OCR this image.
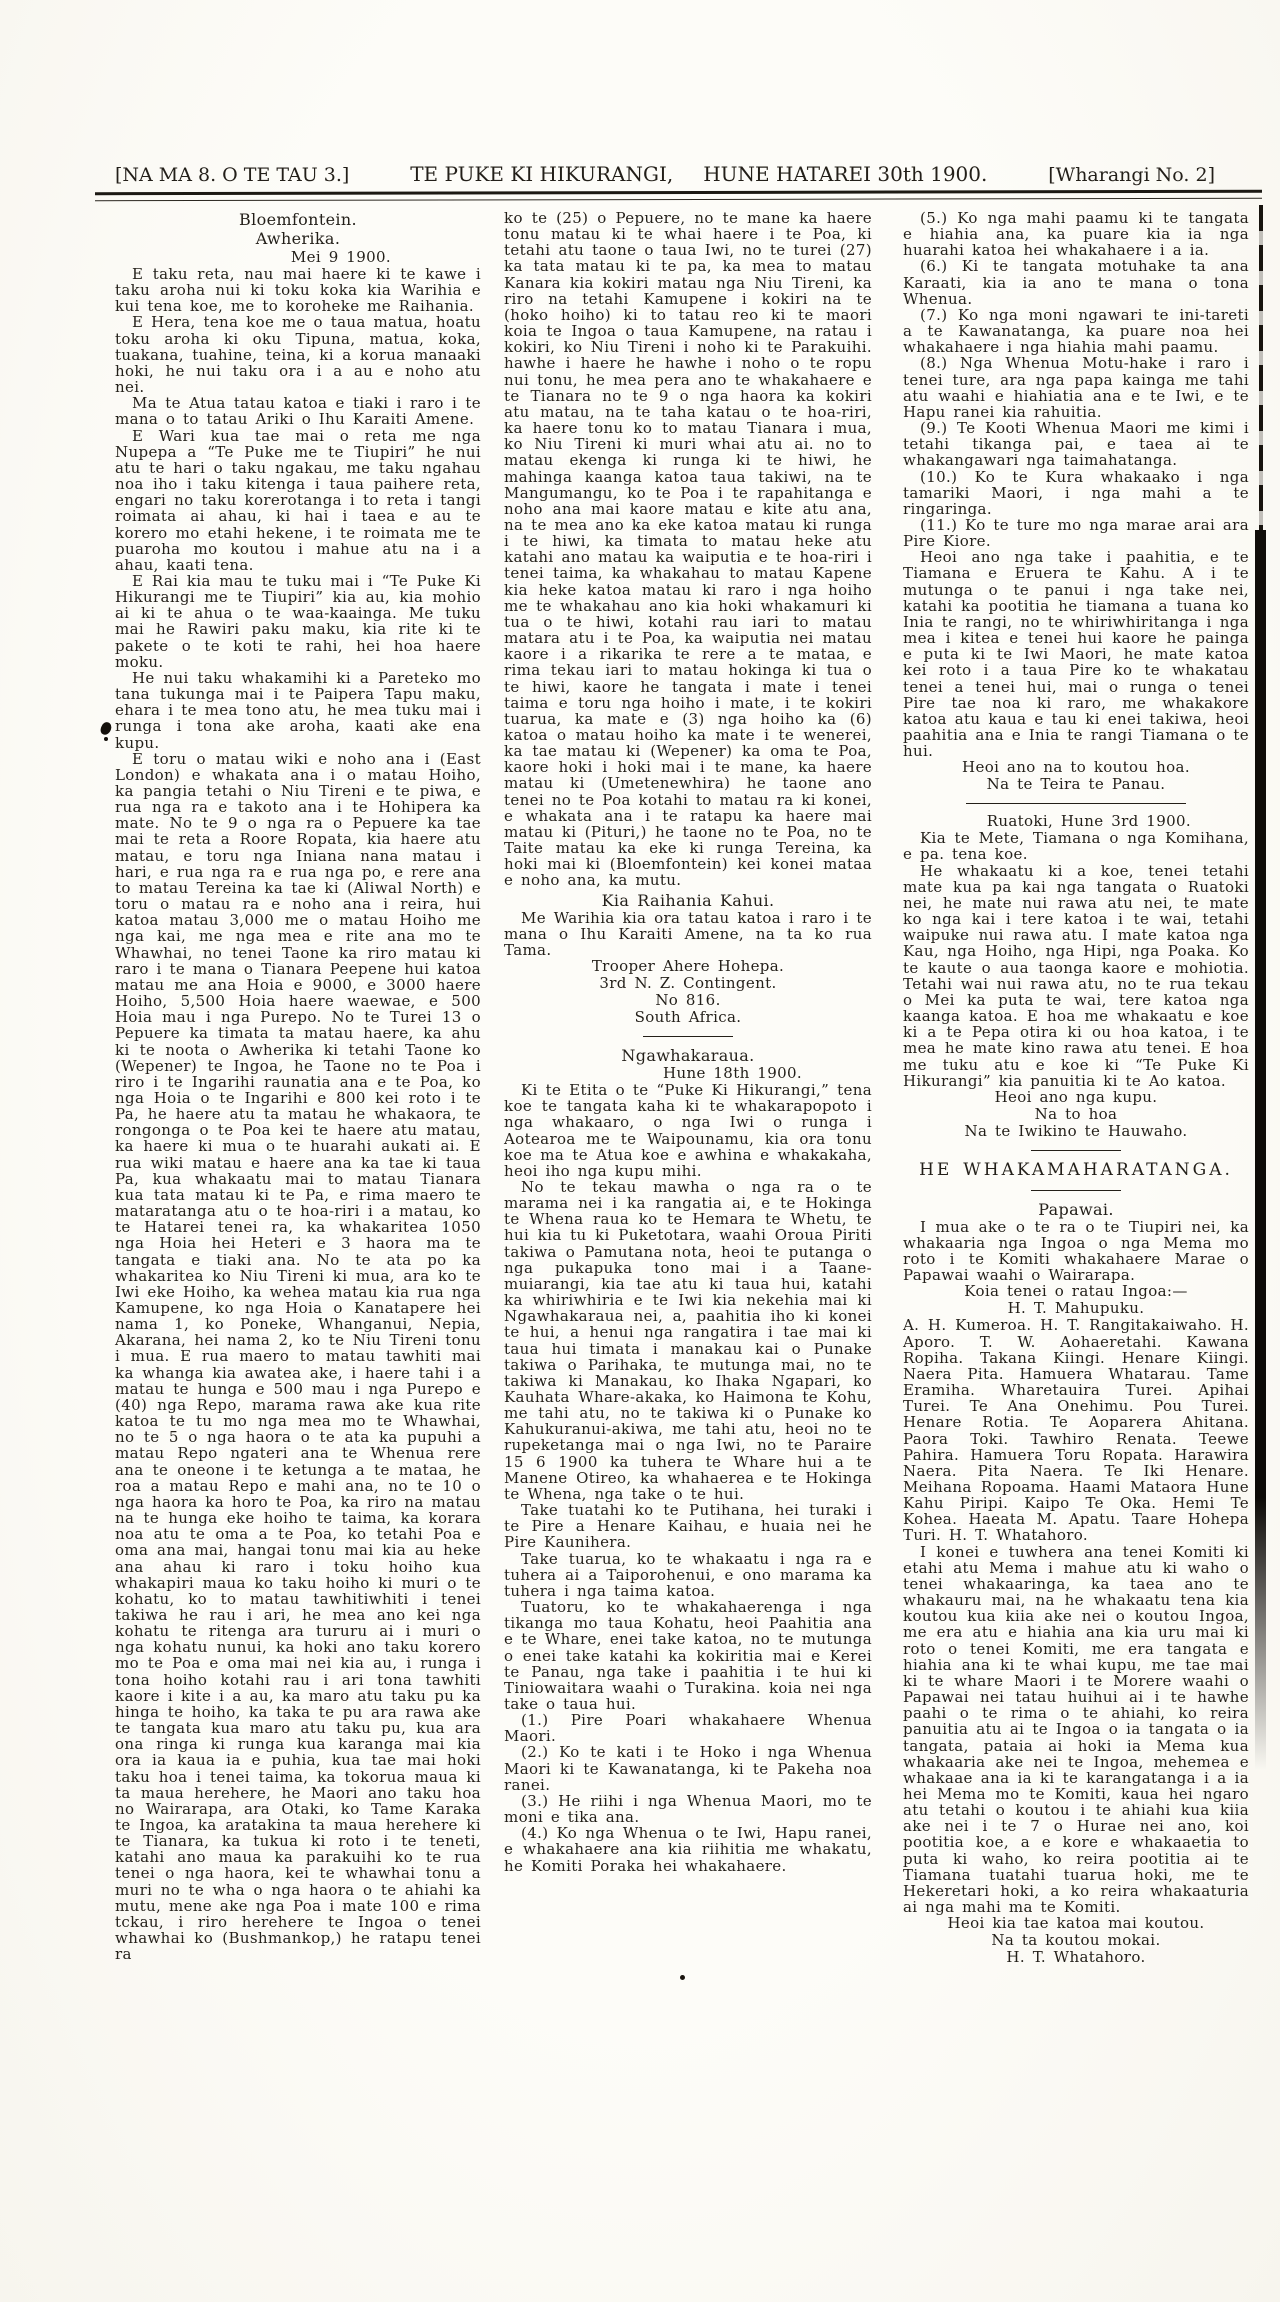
[NA MA 8. O TE TAU 3.]	TE PUKE KI HIKURANGI, HUNE HATAREI 30th 1900.	[Wharangi No. 2]
Bloemfontein.
Awherika.
Mei 9 1900.
E taku reta, nau mai haere ki te kawe i taku aroha nui ki toku koka kia Warihia e kui tena koe, me to koroheke me Raihania.
E Hera, tena koe me o taua matua, hoatu toku aroha ki oku Tipuna, matua, koka, tuakana, tuahine, teina, ki a korua manaaki hoki, he nui taku ora i a au e noho atu nei.
Ma te Atua tatau katoa e tiaki i raro i te mana o to tatau Ariki o Ihu Karaiti Amene.
E Wari kua tae mai o reta me nga Nupepa a “Te Puke me te Tiupiri” he nui atu te hari o taku ngakau, me taku ngahau noa iho i taku kitenga i taua paihere reta, engari no taku korerotanga i to reta i tangi roimata ai ahau, ki hai i taea e au te korero mo etahi hekene, i te roimata me te puaroha mo koutou i mahue atu na i a ahau, kaati tena.
E Rai kia mau te tuku mai i “Te Puke Ki Hikurangi me te Tiupiri” kia au, kia mohio ai ki te ahua o te waa-kaainga. Me tuku mai he Rawiri paku maku, kia rite ki te pakete o te koti te rahi, hei hoa haere moku.
He nui taku whakamihi ki a Pareteko mo tana tukunga mai i te Paipera Tapu maku, ehara i te mea tono atu, he mea tuku mai i runga i tona ake aroha, kaati ake ena kupu.
E toru o matau wiki e noho ana i (East London) e whakata ana i o matau Hoiho, ka pangia tetahi o Niu Tireni e te piwa, e rua nga ra e takoto ana i te Hohipera ka mate. No te 9 o nga ra o Pepuere ka tae mai te reta a Roore Ropata, kia haere atu matau, e toru nga Iniana nana matau i hari, e rua nga ra e rua nga po, e rere ana to matau Tereina ka tae ki (Aliwal North) e toru o matau ra e noho ana i reira, hui katoa matau 3,000 me o matau Hoiho me nga kai, me nga mea e rite ana mo te Whawhai, no tenei Taone ka riro matau ki raro i te mana o Tianara Peepene hui katoa matau me ana Hoia e 9000, e 3000 haere Hoiho, 5,500 Hoia haere waewae, e 500 Hoia mau i nga Purepo. No te Turei 13 o Pepuere ka timata ta matau haere, ka ahu ki te noota o Awherika ki tetahi Taone ko (Wepener) te Ingoa, he Taone no te Poa i riro i te Ingarihi raunatia ana e te Poa, ko nga Hoia o te Ingarihi e 800 kei roto i te Pa, he haere atu ta matau he whakaora, te rongonga o te Poa kei te haere atu matau, ka haere ki mua o te huarahi aukati ai. E rua wiki matau e haere ana ka tae ki taua Pa, kua whakaatu mai to matau Tianara kua tata matau ki te Pa, e rima maero te mataratanga atu o te hoa-riri i a matau, ko te Hatarei tenei ra, ka whakaritea 1050 nga Hoia hei Heteri e 3 haora ma te tangata e tiaki ana. No te ata po ka whakaritea ko Niu Tireni ki mua, ara ko te Iwi eke Hoiho, ka wehea matau kia rua nga Kamupene, ko nga Hoia o Kanatapere hei nama 1, ko Poneke, Whanganui, Nepia, Akarana, hei nama 2, ko te Niu Tireni tonu i mua. E rua maero to matau tawhiti mai ka whanga kia awatea ake, i haere tahi i a matau te hunga e 500 mau i nga Purepo e (40) nga Repo, marama rawa ake kua rite katoa te tu mo nga mea mo te Whawhai, no te 5 o nga haora o te ata ka pupuhi a matau Repo ngateri ana te Whenua rere ana te oneone i te ketunga a te mataa, he roa a matau Repo e mahi ana, no te 10 o nga haora ka horo te Poa, ka riro na matau na te hunga eke hoiho te taima, ka korara noa atu te oma a te Poa, ko tetahi Poa e oma ana mai, hangai tonu mai kia au heke ana ahau ki raro i toku hoiho kua whakapiri maua ko taku hoiho ki muri o te kohatu, ko to matau tawhitiwhiti i tenei takiwa he rau i ari, he mea ano kei nga kohatu te ritenga ara tururu ai i muri o nga kohatu nunui, ka hoki ano taku korero mo te Poa e oma mai nei kia au, i runga i tona hoiho kotahi rau i ari tona tawhiti kaore i kite i a au, ka maro atu taku pu ka hinga te hoiho, ka taka te pu ara rawa ake te tangata kua maro atu taku pu, kua ara ona ringa ki runga kua karanga mai kia ora ia kaua ia e puhia, kua tae mai hoki taku hoa i tenei taima, ka tokorua maua ki ta maua herehere, he Maori ano taku hoa no Wairarapa, ara Otaki, ko Tame Karaka te Ingoa, ka aratakina ta maua herehere ki te Tianara, ka tukua ki roto i te teneti, katahi ano maua ka parakuihi ko te rua tenei o nga haora, kei te whawhai tonu a muri no te wha o nga haora o te ahiahi ka mutu, mene ake nga Poa i mate 100 e rima tckau, i riro herehere te Ingoa o tenei whawhai ko (Bushmankop,) he ratapu tenei ra
ko te (25) o Pepuere, no te mane ka haere tonu matau ki te whai haere i te Poa, ki tetahi atu taone o taua Iwi, no te turei (27) ka tata matau ki te pa, ka mea to matau Kanara kia kokiri matau nga Niu Tireni, ka riro na tetahi Kamupene i kokiri na te (hoko hoiho) ki to tatau reo ki te maori koia te Ingoa o taua Kamupene, na ratau i kokiri, ko Niu Tireni i noho ki te Parakuihi. hawhe i haere he hawhe i noho o te ropu nui tonu, he mea pera ano te whakahaere e te Tianara no te 9 o nga haora ka kokiri atu matau, na te taha katau o te hoa-riri, ka haere tonu ko to matau Tianara i mua, ko Niu Tireni ki muri whai atu ai. no to matau ekenga ki runga ki te hiwi, he mahinga kaanga katoa taua takiwi, na te Mangumangu, ko te Poa i te rapahitanga e noho ana mai kaore matau e kite atu ana, na te mea ano ka eke katoa matau ki runga i te hiwi, ka timata to matau heke atu katahi ano matau ka waiputia e te hoa-riri i tenei taima, ka whakahau to matau Kapene kia heke katoa matau ki raro i nga hoiho me te whakahau ano kia hoki whakamuri ki tua o te hiwi, kotahi rau iari to matau matara atu i te Poa, ka waiputia nei matau kaore i a rikarika te rere a te mataa, e rima tekau iari to matau hokinga ki tua o te hiwi, kaore he tangata i mate i tenei taima e toru nga hoiho i mate, i te kokiri tuarua, ka mate e (3) nga hoiho ka (6) katoa o matau hoiho ka mate i te wenerei, ka tae matau ki (Wepener) ka oma te Poa, kaore hoki i hoki mai i te mane, ka haere matau ki (Umetenewhira) he taone ano tenei no te Poa kotahi to matau ra ki konei, e whakata ana i te ratapu ka haere mai matau ki (Pituri,) he taone no te Poa, no te Taite matau ka eke ki runga Tereina, ka hoki mai ki (Bloemfontein) kei konei mataa e noho ana, ka mutu.
Kia Raihania Kahui.
Me Warihia kia ora tatau katoa i raro i te mana o Ihu Karaiti Amene, na ta ko rua Tama.
Trooper Ahere Hohepa.
3rd N. Z. Contingent.
No 816.
South Africa.
Ngawhakaraua.
Hune 18th 1900.
Ki te Etita o te “Puke Ki Hikurangi,” tena koe te tangata kaha ki te whakarapopoto i nga whakaaro, o nga Iwi o runga i Aotearoa me te Waipounamu, kia ora tonu koe ma te Atua koe e awhina e whakakaha, heoi iho nga kupu mihi.
No te tekau mawha o nga ra o te marama nei i ka rangatia ai, e te Hokinga te Whena raua ko te Hemara te Whetu, te hui kia tu ki Puketotara, waahi Oroua Piriti takiwa o Pamutana nota, heoi te putanga o nga pukapuka tono mai i a Taane-muiarangi, kia tae atu ki taua hui, katahi ka whiriwhiria e te Iwi kia nekehia mai ki Ngawhakaraua nei, a, paahitia iho ki konei te hui, a henui nga rangatira i tae mai ki taua hui timata i manakau kai o Punake takiwa o Parihaka, te mutunga mai, no te takiwa ki Manakau, ko Ihaka Ngapari, ko Kauhata Whare-akaka, ko Haimona te Kohu, me tahi atu, no te takiwa ki o Punake ko Kahukuranui-akiwa, me tahi atu, heoi no te rupeketanga mai o nga Iwi, no te Paraire 15 6 1900 ka tuhera te Whare hui a te Manene Otireo, ka whahaerea e te Hokinga te Whena, nga take o te hui.
Take tuatahi ko te Putihana, hei turaki i te Pire a Henare Kaihau, e huaia nei he Pire Kaunihera.
Take tuarua, ko te whakaatu i nga ra e tuhera ai a Taiporohenui, e ono marama ka tuhera i nga taima katoa.
Tuatoru, ko te whakahaerenga i nga tikanga mo taua Kohatu, heoi Paahitia ana e te Whare, enei take katoa, no te mutunga o enei take katahi ka kokiritia mai e Kerei te Panau, nga take i paahitia i te hui ki Tiniowaitara waahi o Turakina. koia nei nga take o taua hui.
(1.) Pire Poari whakahaere Whenua Maori.
(2.) Ko te kati i te Hoko i nga Whenua Maori ki te Kawanatanga, ki te Pakeha noa ranei.
(3.) He riihi i nga Whenua Maori, mo te moni e tika ana.
(4.) Ko nga Whenua o te Iwi, Hapu ranei, e whakahaere ana kia riihitia me whakatu, he Komiti Poraka hei whakahaere.
(5.) Ko nga mahi paamu ki te tangata e hiahia ana, ka puare kia ia nga huarahi katoa hei whakahaere i a ia.
(6.) Ki te tangata motuhake ta ana Karaati, kia ia ano te mana o tona Whenua.
(7.) Ko nga moni ngawari te ini-tareti a te Kawanatanga, ka puare noa hei whakahaere i nga hiahia mahi paamu.
(8.) Nga Whenua Motu-hake i raro i tenei ture, ara nga papa kainga me tahi atu waahi e hiahiatia ana e te Iwi, e te Hapu ranei kia rahuitia.
(9.) Te Kooti Whenua Maori me kimi i tetahi tikanga pai, e taea ai te whakangawari nga taimahatanga.
(10.) Ko te Kura whakaako i nga tamariki Maori, i nga mahi a te ringaringa.
(11.) Ko te ture mo nga marae arai ara Pire Kiore.
Heoi ano nga take i paahitia, e te Tiamana e Eruera te Kahu. A i te mutunga o te panui i nga take nei, katahi ka pootitia he tiamana a tuana ko Inia te rangi, no te whiriwhiritanga i nga mea i kitea e tenei hui kaore he painga e puta ki te Iwi Maori, he mate katoa kei roto i a taua Pire ko te whakatau tenei a tenei hui, mai o runga o tenei Pire tae noa ki raro, me whakakore katoa atu kaua e tau ki enei takiwa, heoi paahitia ana e Inia te rangi Tiamana o te hui.
Heoi ano na to koutou hoa.
Na te Teira te Panau.
Ruatoki, Hune 3rd 1900.
Kia te Mete, Tiamana o nga Komihana, e pa. tena koe.
He whakaatu ki a koe, tenei tetahi mate kua pa kai nga tangata o Ruatoki nei, he mate nui rawa atu nei, te mate ko nga kai i tere katoa i te wai, tetahi waipuke nui rawa atu. I mate katoa nga Kau, nga Hoiho, nga Hipi, nga Poaka. Ko te kaute o aua taonga kaore e mohiotia. Tetahi wai nui rawa atu, no te rua tekau o Mei ka puta te wai, tere katoa nga kaanga katoa. E hoa me whakaatu e koe ki a te Pepa otira ki ou hoa katoa, i te mea he mate kino rawa atu tenei. E hoa me tuku atu e koe ki “Te Puke Ki Hikurangi” kia panuitia ki te Ao katoa.
Heoi ano nga kupu.
Na to hoa
Na te Iwikino te Hauwaho.
HE WHAKAMAHARATANGA.
Papawai.
I mua ake o te ra o te Tiupiri nei, ka whakaaria nga Ingoa o nga Mema mo roto i te Komiti whakahaere Marae o Papawai waahi o Wairarapa.
Koia tenei o ratau Ingoa:—
H. T. Mahupuku.
A. H. Kumeroa. H. T. Rangitakaiwaho. H. Aporo. T. W. Aohaeretahi. Kawana Ropiha. Takana Kiingi. Henare Kiingi. Naera Pita. Hamuera Whatarau. Tame Eramiha. Wharetauira Turei. Apihai Turei. Te Ana Onehimu. Pou Turei. Henare Rotia. Te Aoparera Ahitana. Paora Toki. Tawhiro Renata. Teewe Pahira. Hamuera Toru Ropata. Harawira Naera. Pita Naera. Te Iki Henare. Meihana Ropoama. Haami Mataora Hune Kahu Piripi. Kaipo Te Oka. Hemi Te Kohea. Haeata M. Apatu. Taare Hohepa Turi. H. T. Whatahoro.
I konei e tuwhera ana tenei Komiti ki etahi atu Mema i mahue atu ki waho o tenei whakaaringa, ka taea ano te whakauru mai, na he whakaatu tena kia koutou kua kiia ake nei o koutou Ingoa, me era atu e hiahia ana kia uru mai ki roto o tenei Komiti, me era tangata e hiahia ana ki te whai kupu, me tae mai ki te whare Maori i te Morere waahi o Papawai nei tatau huihui ai i te hawhe paahi o te rima o te ahiahi, ko reira panuitia atu ai te Ingoa o ia tangata o ia tangata, pataia ai hoki ia Mema kua whakaaria ake nei te Ingoa, mehemea e whakaae ana ia ki te karangatanga i a ia hei Mema mo te Komiti, kaua hei ngaro atu tetahi o koutou i te ahiahi kua kiia ake nei i te 7 o Hurae nei ano, koi pootitia koe, a e kore e whakaaetia to puta ki waho, ko reira pootitia ai te Tiamana tuatahi tuarua hoki, me te Hekeretari hoki, a ko reira whakaaturia ai nga mahi ma te Komiti.
Heoi kia tae katoa mai koutou.
Na ta koutou mokai.
H. T. Whatahoro.
